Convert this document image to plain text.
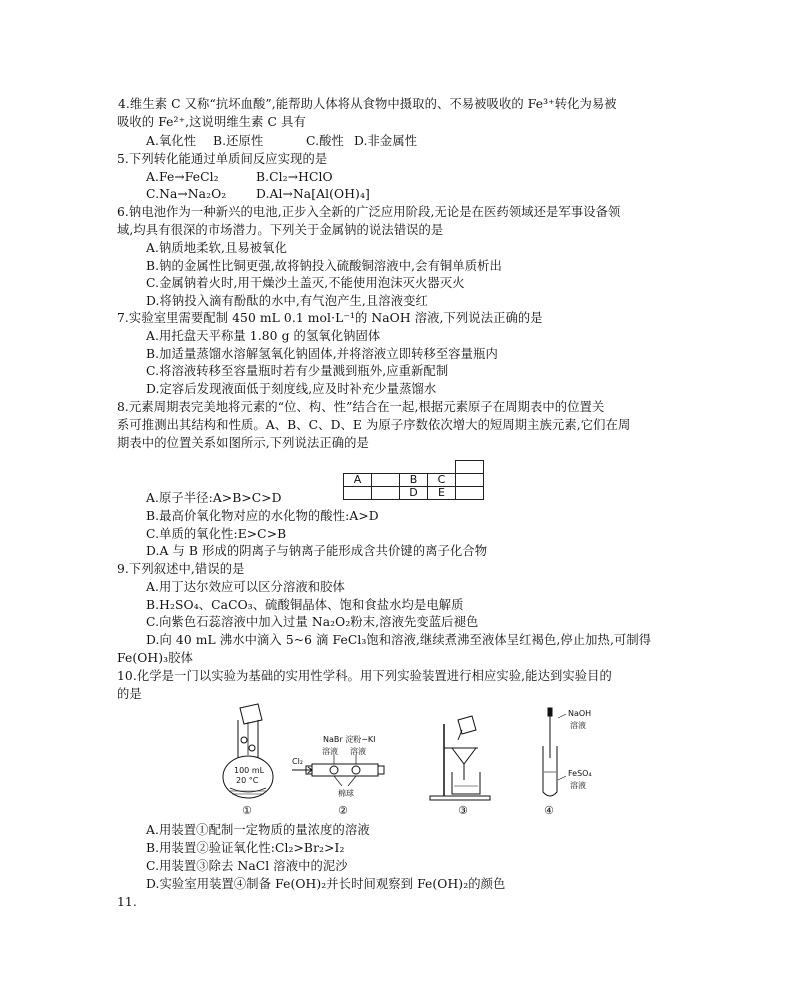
4.维生素 C 又称“抗坏血酸”,能帮助人体将从食物中摄取的、不易被吸收的 Fe³⁺转化为易被
吸收的 Fe²⁺,这说明维生素 C 具有
A.氧化性 B.还原性	C.酸性 D.非金属性
5.下列转化能通过单质间反应实现的是
A.Fe→FeCl₂	B.Cl₂→HClO
C.Na→Na₂O₂ D.Al→Na[Al(OH)₄]
6.钠电池作为一种新兴的电池,正步入全新的广泛应用阶段,无论是在医药领域还是军事设备领
域,均具有很深的市场潜力。下列关于金属钠的说法错误的是
A.钠质地柔软,且易被氧化
B.钠的金属性比铜更强,故将钠投入硫酸铜溶液中,会有铜单质析出
C.金属钠着火时,用干燥沙土盖灭,不能使用泡沫灭火器灭火
D.将钠投入滴有酚酞的水中,有气泡产生,且溶液变红
7.实验室里需要配制 450 mL 0.1 mol·L⁻¹的 NaOH 溶液,下列说法正确的是
A.用托盘天平称量 1.80 g 的氢氧化钠固体
B.加适量蒸馏水溶解氢氧化钠固体,并将溶液立即转移至容量瓶内
C.将溶液转移至容量瓶时若有少量溅到瓶外,应重新配制
D.定容后发现液面低于刻度线,应及时补充少量蒸馏水
8.元素周期表完美地将元素的“位、构、性”结合在一起,根据元素原子在周期表中的位置关
系可推测出其结构和性质。A、B、C、D、E 为原子序数依次增大的短周期主族元素,它们在周
期表中的位置关系如图所示,下列说法正确的是

A		B	C	
		D	E	
A.原子半径:A>B>C>D
B.最高价氧化物对应的水化物的酸性:A>D
C.单质的氧化性:E>C>B
D.A 与 B 形成的阴离子与钠离子能形成含共价键的离子化合物
9.下列叙述中,错误的是
A.用丁达尔效应可以区分溶液和胶体
B.H₂SO₄、CaCO₃、硫酸铜晶体、饱和食盐水均是电解质
C.向紫色石蕊溶液中加入过量 Na₂O₂粉末,溶液先变蓝后褪色
D.向 40 mL 沸水中滴入 5~6 滴 FeCl₃饱和溶液,继续煮沸至液体呈红褐色,停止加热,可制得
Fe(OH)₃胶体
10.化学是一门以实验为基础的实用性学科。用下列实验装置进行相应实验,能达到实验目的
的是
100 mL
20 °C
①
NaBr 淀粉−KI
溶液 溶液
Cl₂
棉球
②	③
NaOH
溶液
FeSO₄
溶液
④
A.用装置①配制一定物质的量浓度的溶液
B.用装置②验证氧化性:Cl₂>Br₂>I₂
C.用装置③除去 NaCl 溶液中的泥沙
D.实验室用装置④制备 Fe(OH)₂并长时间观察到 Fe(OH)₂的颜色
11.
